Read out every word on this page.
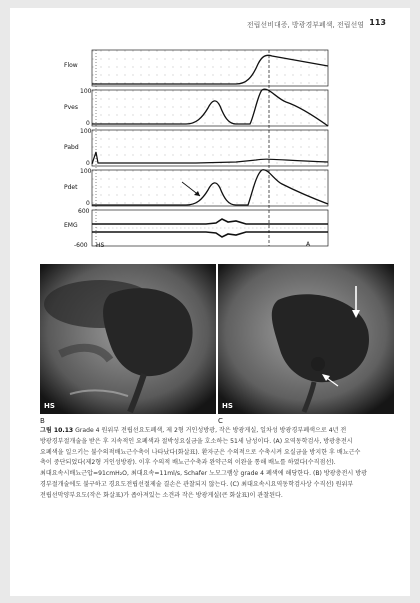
전립선비대증, 방광경부폐색, 전립선염 113
Flow
Pves
100
0
Pabd
100
0
Pdet
100
0
EMG
600
-600 HS	A
HS	HS
B	C
그림 10.13 Grade 4 원위부 전립선요도폐색, 제 2형 거인성방광, 작은 방광게실, 일차성 방광경부폐색으로 4년 전
방광경부절개술을 받은 후 지속적인 요폐색과 절박성요실금을 호소하는 51세 남성이다. (A) 요역동학검사, 방광충전시
요폐색을 일으키는 불수의적배뇨근수축이 나타났다(화살표). 환자군은 수의적으로 수축시켜 요실금을 방지한 후 배뇨근수
축이 중단되었다(제2형 거인성방광). 이후 수의적 배뇨근수축과 완약근의 이완을 통해 배뇨를 하였다(수직점선).
최대요속시배뇨근압=91cmH₂O, 최대요속=11ml/s, Schafer 노모그램상 grade 4 폐색에 해당한다. (B) 방광충전시 방광
경부절개술에도 불구하고 경요도전립선절제술 결손은 관찰되지 않는다. (C) 최대요속시요역동학검사상 수직선) 원위부
전립선막양부요도(작은 화살표)가 좁아져있는 소견과 작은 방광게실(큰 화살표)이 관찰된다.
